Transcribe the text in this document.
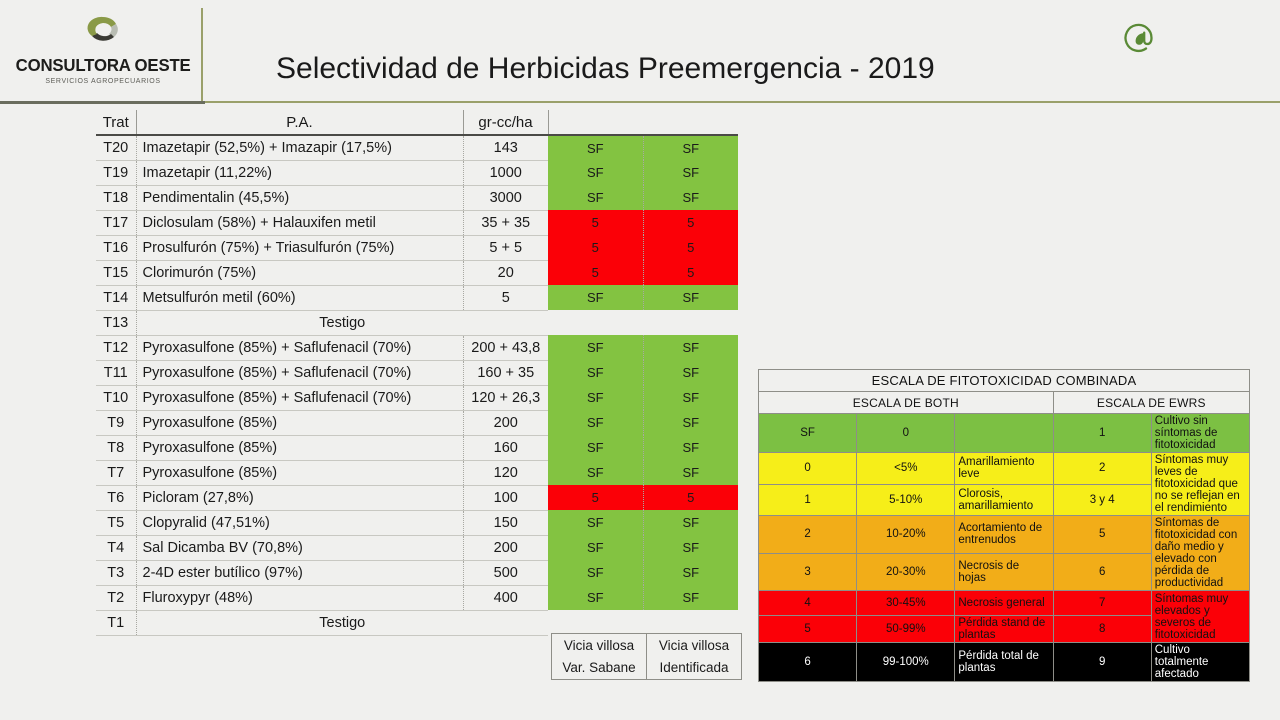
CONSULTORA OESTE
SERVICIOS AGROPECUARIOS	Selectividad de Herbicidas Preemergencia - 2019
Trat	P.A.	gr-cc/ha		
T20	Imazetapir (52,5%) + Imazapir (17,5%)	143	SF	SF
T19	Imazetapir (11,22%)	1000	SF	SF
T18	Pendimentalin (45,5%)	3000	SF	SF
T17	Diclosulam (58%) + Halauxifen metil	35 + 35	5	5
T16	Prosulfurón (75%) + Triasulfurón (75%)	5 + 5	5	5
T15	Clorimurón (75%)	20	5	5
T14	Metsulfurón metil (60%)	5	SF	SF
T13	Testigo			
T12	Pyroxasulfone (85%) + Saflufenacil (70%)	200 + 43,8	SF	SF
T11	Pyroxasulfone (85%) + Saflufenacil (70%)	160 + 35	SF	SF
T10	Pyroxasulfone (85%) + Saflufenacil (70%)	120 + 26,3	SF	SF
T9	Pyroxasulfone (85%)	200	SF	SF
T8	Pyroxasulfone (85%)	160	SF	SF
T7	Pyroxasulfone (85%)	120	SF	SF
T6	Picloram (27,8%)	100	5	5
T5	Clopyralid (47,51%)	150	SF	SF
T4	Sal Dicamba BV (70,8%)	200	SF	SF
T3	2-4D ester butílico (97%)	500	SF	SF
T2	Fluroxypyr (48%)	400	SF	SF
T1	Testigo			
Vicia villosa	Vicia villosa
Var. Sabane	Identificada
ESCALA DE FITOTOXICIDAD COMBINADA				
ESCALA DE BOTH			ESCALA DE EWRS	
SF	0		1	Cultivo sin síntomas de fitotoxicidad
0	<5%	Amarillamiento leve	2	Síntomas muy leves de fitotoxicidad que no se reflejan en el rendimiento
1	5-10%	Clorosis, amarillamiento	3 y 4	
2	10-20%	Acortamiento de entrenudos	5	Síntomas de fitotoxicidad con daño medio y elevado con pérdida de productividad
3	20-30%	Necrosis de hojas	6	
4	30-45%	Necrosis general	7	Síntomas muy elevados y severos de fitotoxicidad
5	50-99%	Pérdida stand de plantas	8	
6	99-100%	Pérdida total de plantas	9	Cultivo totalmente afectado
